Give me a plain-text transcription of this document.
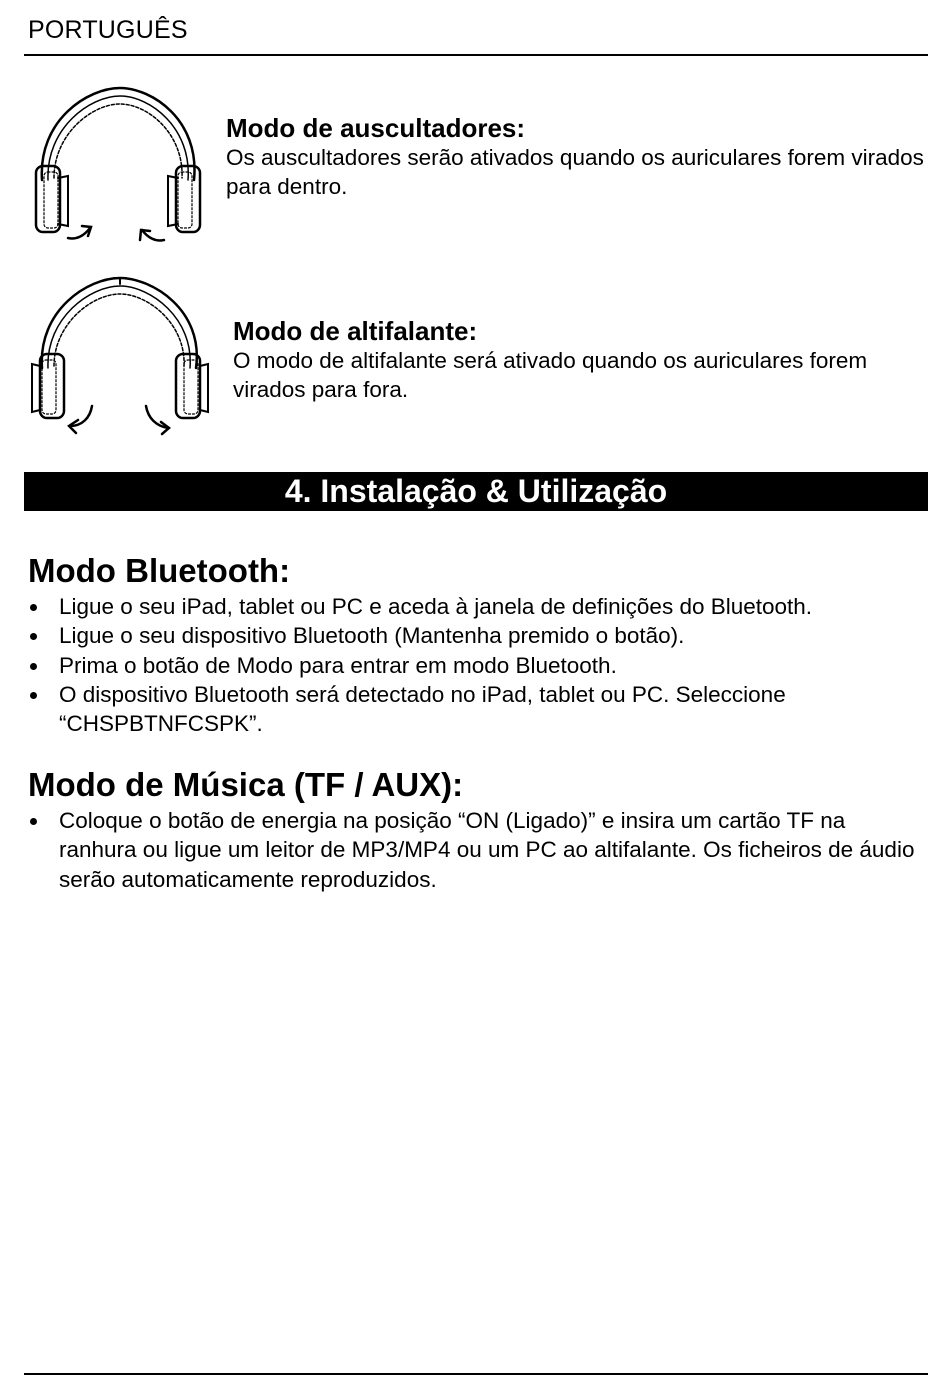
PORTUGUÊS
Modo de auscultadores:
Os auscultadores serão ativados quando os auriculares forem virados para dentro.
Modo de altifalante:
O modo de altifalante será ativado quando os auriculares forem virados para fora.
4. Instalação & Utilização
Modo Bluetooth:
Ligue o seu iPad, tablet ou PC e aceda à janela de definições do Bluetooth.
Ligue o seu dispositivo Bluetooth (Mantenha premido o botão).
Prima o botão de Modo para entrar em modo Bluetooth.
O dispositivo Bluetooth será detectado no iPad, tablet ou PC. Seleccione “CHSPBTNFCSPK”.
Modo de Música (TF / AUX):
Coloque o botão de energia na posição “ON (Ligado)” e insira um cartão TF na ranhura ou ligue um leitor de MP3/MP4 ou um PC ao altifalante. Os ficheiros de áudio serão automaticamente reproduzidos.
